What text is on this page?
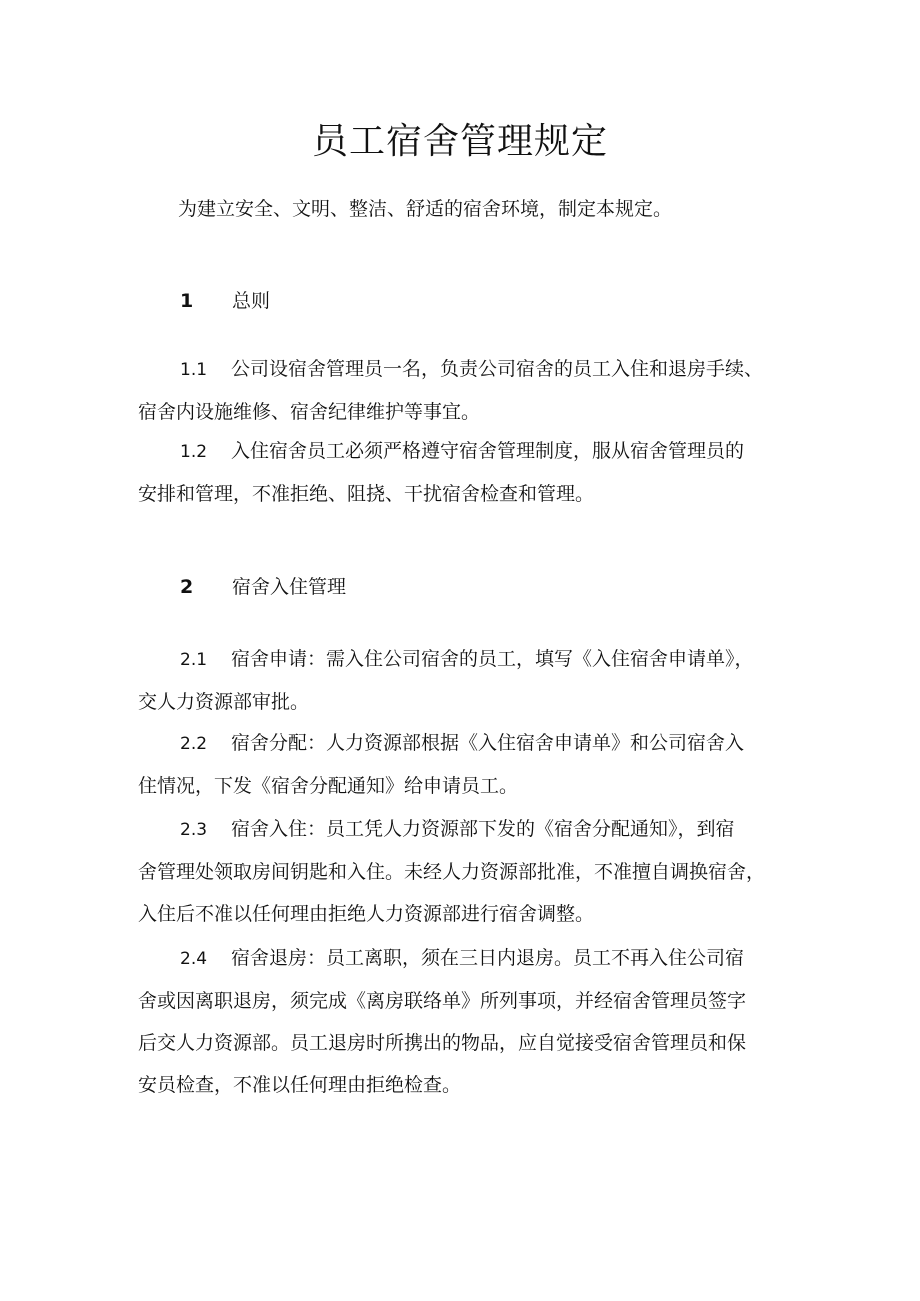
员工宿舍管理规定
为建立安全、文明、整洁、舒适的宿舍环境，制定本规定。
1 总则
1.1 公司设宿舍管理员一名，负责公司宿舍的员工入住和退房手续、
宿舍内设施维修、宿舍纪律维护等事宜。
1.2 入住宿舍员工必须严格遵守宿舍管理制度，服从宿舍管理员的
安排和管理，不准拒绝、阻挠、干扰宿舍检查和管理。
2 宿舍入住管理
2.1 宿舍申请：需入住公司宿舍的员工，填写《入住宿舍申请单》，
交人力资源部审批。
2.2 宿舍分配：人力资源部根据《入住宿舍申请单》和公司宿舍入
住情况，下发《宿舍分配通知》给申请员工。
2.3 宿舍入住：员工凭人力资源部下发的《宿舍分配通知》，到宿
舍管理处领取房间钥匙和入住。未经人力资源部批准，不准擅自调换宿舍，
入住后不准以任何理由拒绝人力资源部进行宿舍调整。
2.4 宿舍退房：员工离职，须在三日内退房。员工不再入住公司宿
舍或因离职退房，须完成《离房联络单》所列事项，并经宿舍管理员签字
后交人力资源部。员工退房时所携出的物品，应自觉接受宿舍管理员和保
安员检查，不准以任何理由拒绝检查。
